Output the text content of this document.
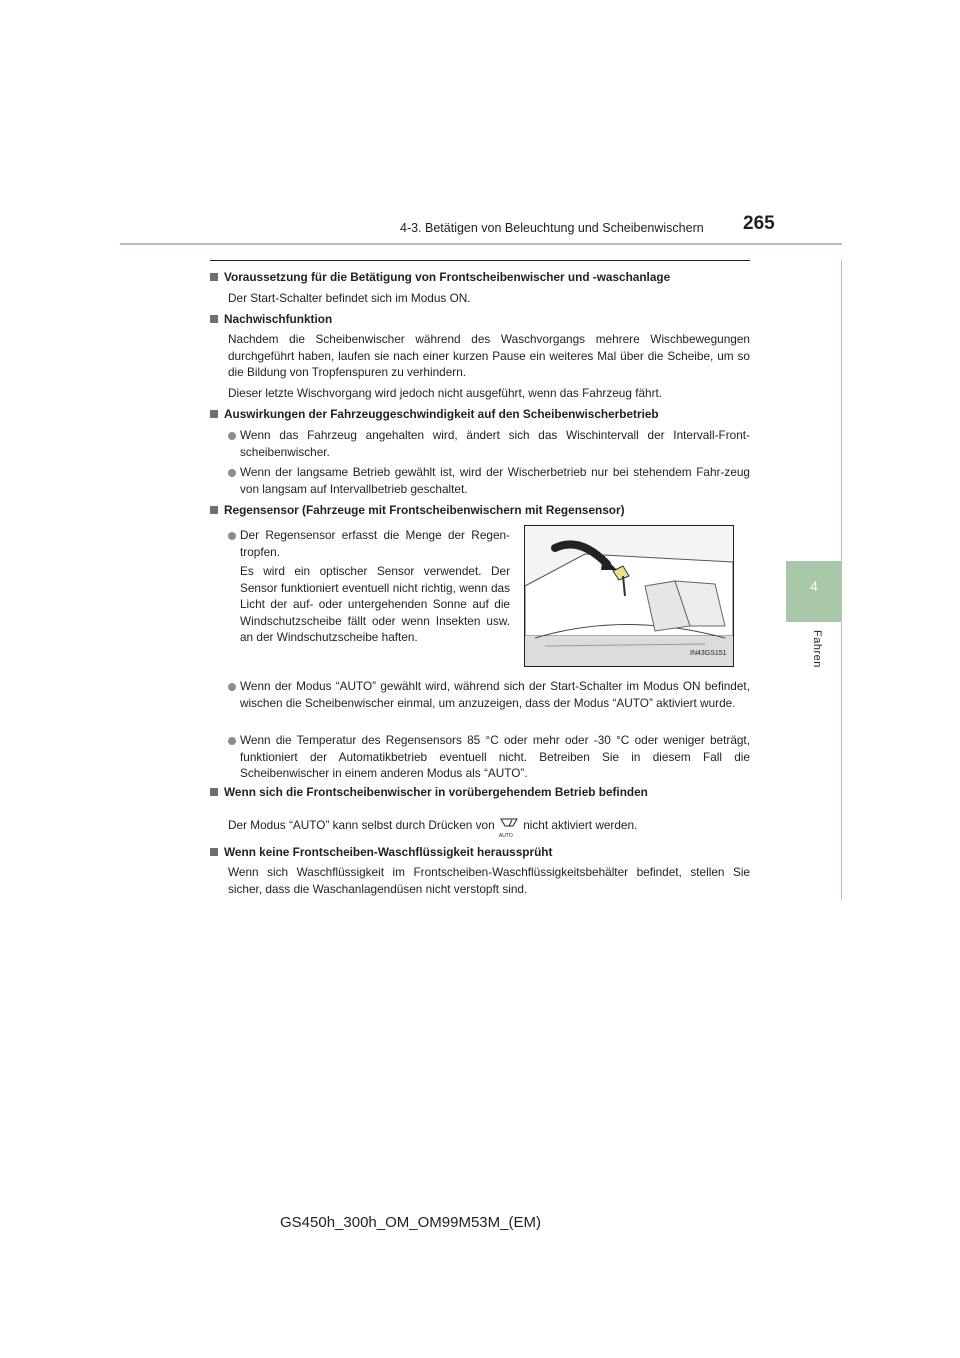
4-3. Betätigen von Beleuchtung und Scheibenwischern 265
4
Fahren
Voraussetzung für die Betätigung von Frontscheibenwischer und -waschanlage
Der Start-Schalter befindet sich im Modus ON.
Nachwischfunktion
Nachdem die Scheibenwischer während des Waschvorgangs mehrere Wischbewegungen durchgeführt haben, laufen sie nach einer kurzen Pause ein weiteres Mal über die Scheibe, um so die Bildung von Tropfenspuren zu verhindern.
Dieser letzte Wischvorgang wird jedoch nicht ausgeführt, wenn das Fahrzeug fährt.
Auswirkungen der Fahrzeuggeschwindigkeit auf den Scheibenwischerbetrieb
Wenn das Fahrzeug angehalten wird, ändert sich das Wischintervall der Intervall-Front-scheibenwischer.
Wenn der langsame Betrieb gewählt ist, wird der Wischerbetrieb nur bei stehendem Fahr-zeug von langsam auf Intervallbetrieb geschaltet.
Regensensor (Fahrzeuge mit Frontscheibenwischern mit Regensensor)
Der Regensensor erfasst die Menge der Regen-tropfen.
Es wird ein optischer Sensor verwendet. Der Sensor funktioniert eventuell nicht richtig, wenn das Licht der auf- oder untergehenden Sonne auf die Windschutzscheibe fällt oder wenn Insekten usw. an der Windschutzscheibe haften.
IN43GS151
Wenn der Modus “AUTO” gewählt wird, während sich der Start-Schalter im Modus ON befindet, wischen die Scheibenwischer einmal, um anzuzeigen, dass der Modus “AUTO” aktiviert wurde.
Wenn die Temperatur des Regensensors 85 °C oder mehr oder -30 °C oder weniger beträgt, funktioniert der Automatikbetrieb eventuell nicht. Betreiben Sie in diesem Fall die Scheibenwischer in einem anderen Modus als “AUTO”.
Wenn sich die Frontscheibenwischer in vorübergehendem Betrieb befinden
Der Modus “AUTO” kann selbst durch Drücken von
AUTO
nicht aktiviert werden.
Wenn keine Frontscheiben-Waschflüssigkeit heraussprüht
Wenn sich Waschflüssigkeit im Frontscheiben-Waschflüssigkeitsbehälter befindet, stellen Sie sicher, dass die Waschanlagendüsen nicht verstopft sind.
GS450h_300h_OM_OM99M53M_(EM)
